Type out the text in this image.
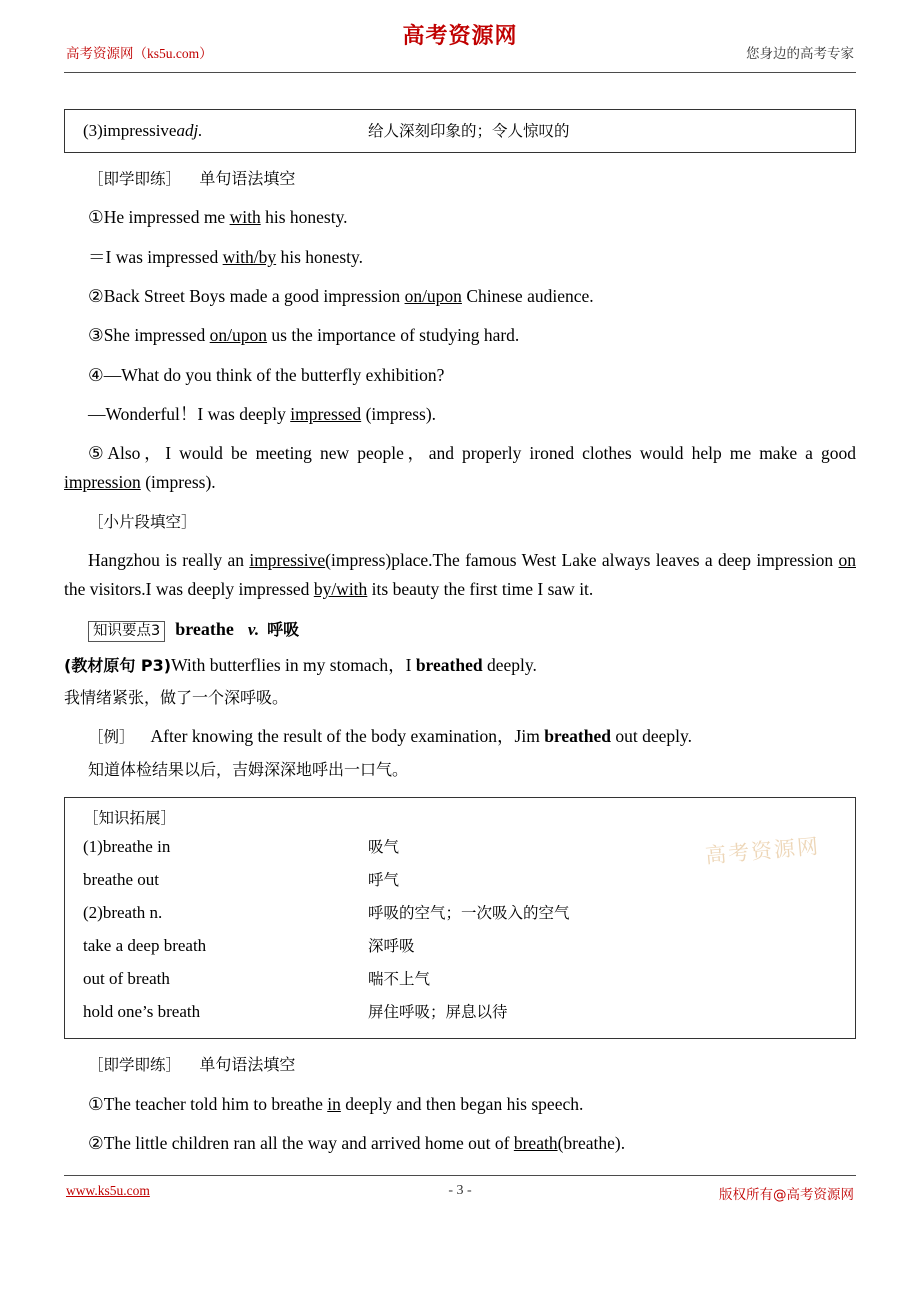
高考资源网（ks5u.com）
高考资源网
您身边的高考专家
(3)impressiveadj.	给人深刻印象的；令人惊叹的
［即学即练］ 单句语法填空
①He impressed me with his honesty.
＝I was impressed with/by his honesty.
②Back Street Boys made a good impression on/upon Chinese audience.
③She impressed on/upon us the importance of studying hard.
④—What do you think of the butterfly exhibition?
—Wonderful！I was deeply impressed (impress).
⑤Also，I would be meeting new people，and properly ironed clothes would help me make a good impression (impress).
［小片段填空］
Hangzhou is really an impressive(impress)place.The famous West Lake always leaves a deep impression on the visitors.I was deeply impressed by/with its beauty the first time I saw it.
知识要点3 breathe v. 呼吸
(教材原句 P3)With butterflies in my stomach，I breathed deeply.
我情绪紧张，做了一个深呼吸。
［例］ After knowing the result of the body examination，Jim breathed out deeply.
知道体检结果以后，吉姆深深地呼出一口气。
［知识拓展］
(1)breathe in	吸气
breathe out	呼气
(2)breath n.	呼吸的空气；一次吸入的空气
take a deep breath	深呼吸
out of breath	喘不上气
hold one’s breath	屏住呼吸；屏息以待
［即学即练］ 单句语法填空
①The teacher told him to breathe in deeply and then began his speech.
②The little children ran all the way and arrived home out of breath(breathe).
高考资源网
www.ks5u.com	- 3 -	版权所有@高考资源网
